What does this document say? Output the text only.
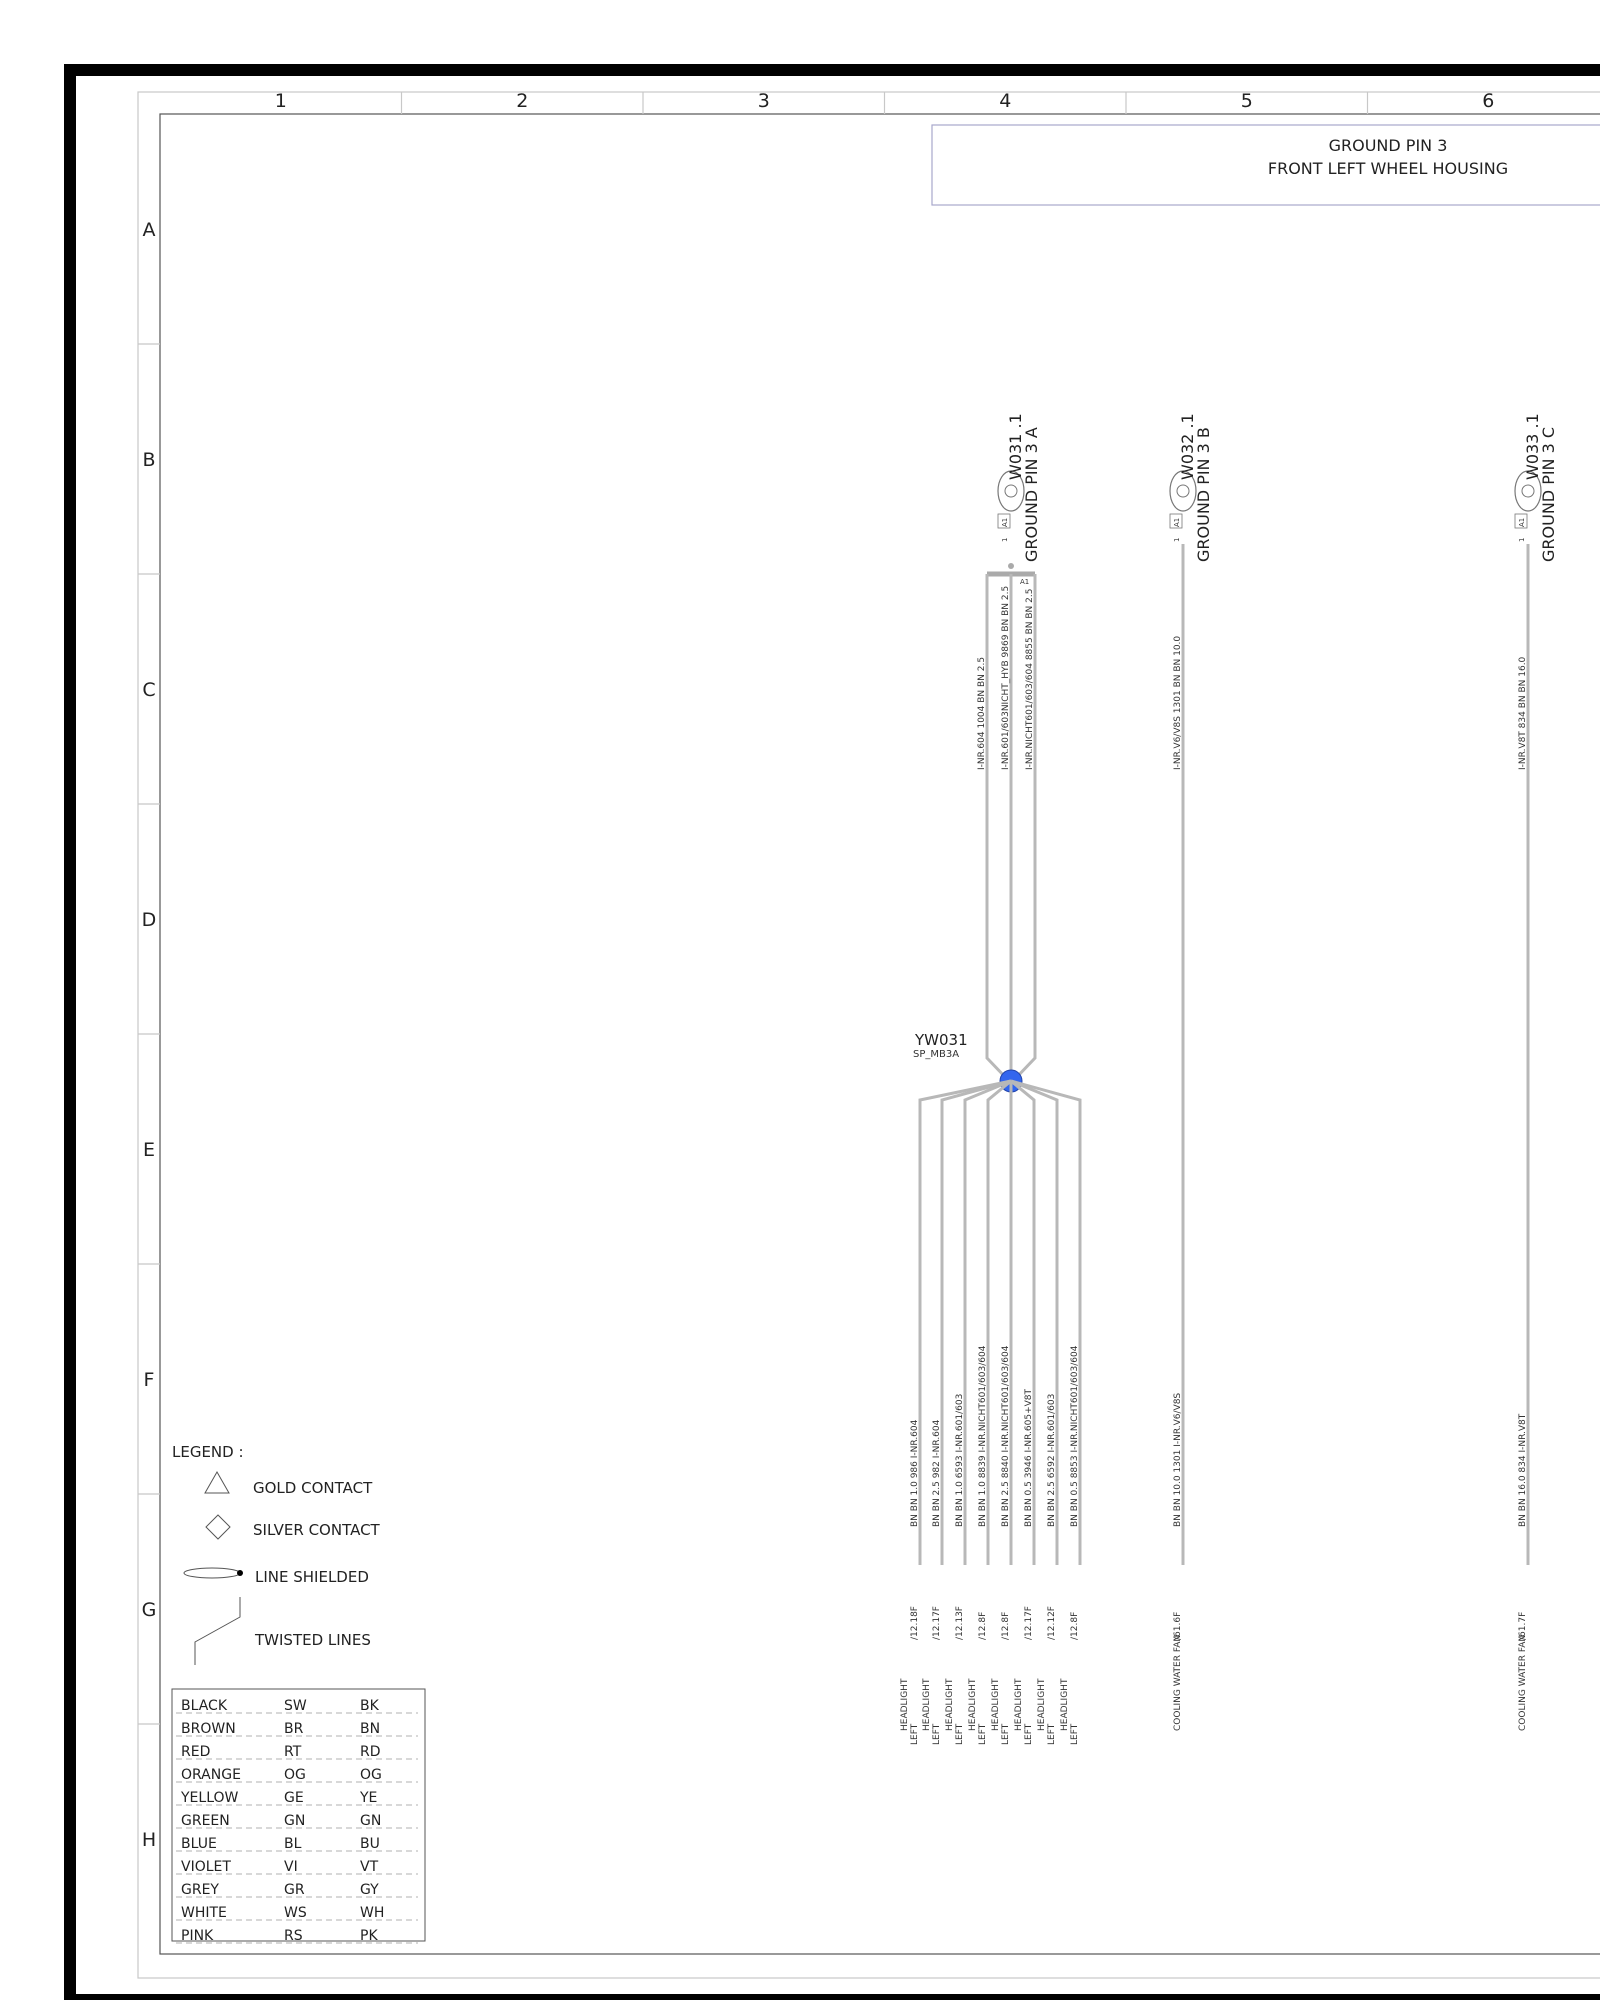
1	2	3	4	5	6
A
B
C
D
E
F
G
H
GROUND PIN 3
FRONT LEFT WHEEL HOUSING
A1
1
W031 .1
GROUND PIN 3 A	A1
1
W032 .1
GROUND PIN 3 B	A1
1
W033 .1
GROUND PIN 3 C
A1
I-NR.604 1004 BN BN 2.5 I-NR.601/603NICHT_HYB 9869 BN BN 2.5 I-NR.NICHT601/603/604 8855 BN BN 2.5	I-NR.V6/V8S 1301 BN BN 10.0	I-NR.V8T 834 BN BN 16.0
YW031
SP_MB3A
BN BN 1.0 986 I-NR.604
/12.18F
HEADLIGHT
LEFT
BN BN 2.5 982 I-NR.604
/12.17F
HEADLIGHT
LEFT
BN BN 1.0 6593 I-NR.601/603
/12.13F
HEADLIGHT
LEFT
BN BN 1.0 8839 I-NR.NICHT601/603/604
/12.8F
HEADLIGHT
LEFT
BN BN 2.5 8840 I-NR.NICHT601/603/604
/12.8F
HEADLIGHT
LEFT
BN BN 0.5 3946 I-NR.605+V8T
/12.17F
HEADLIGHT
LEFT
BN BN 2.5 6592 I-NR.601/603
/12.12F
HEADLIGHT
LEFT
BN BN 0.5 8853 I-NR.NICHT601/603/604
/12.8F
HEADLIGHT
LEFT
BN BN 10.0 1301 I-NR.V6/V8S
/61.6F
COOLING WATER FAN
BN BN 16.0 834 I-NR.V8T
/61.7F
COOLING WATER FAN
LEGEND :
GOLD CONTACT
SILVER CONTACT
LINE SHIELDED
TWISTED LINES
BLACK	SW	BK
BROWN	BR	BN
RED	RT	RD
ORANGE	OG	OG
YELLOW	GE	YE
GREEN	GN	GN
BLUE	BL	BU
VIOLET	VI	VT
GREY	GR	GY
WHITE	WS	WH
PINK	RS	PK
